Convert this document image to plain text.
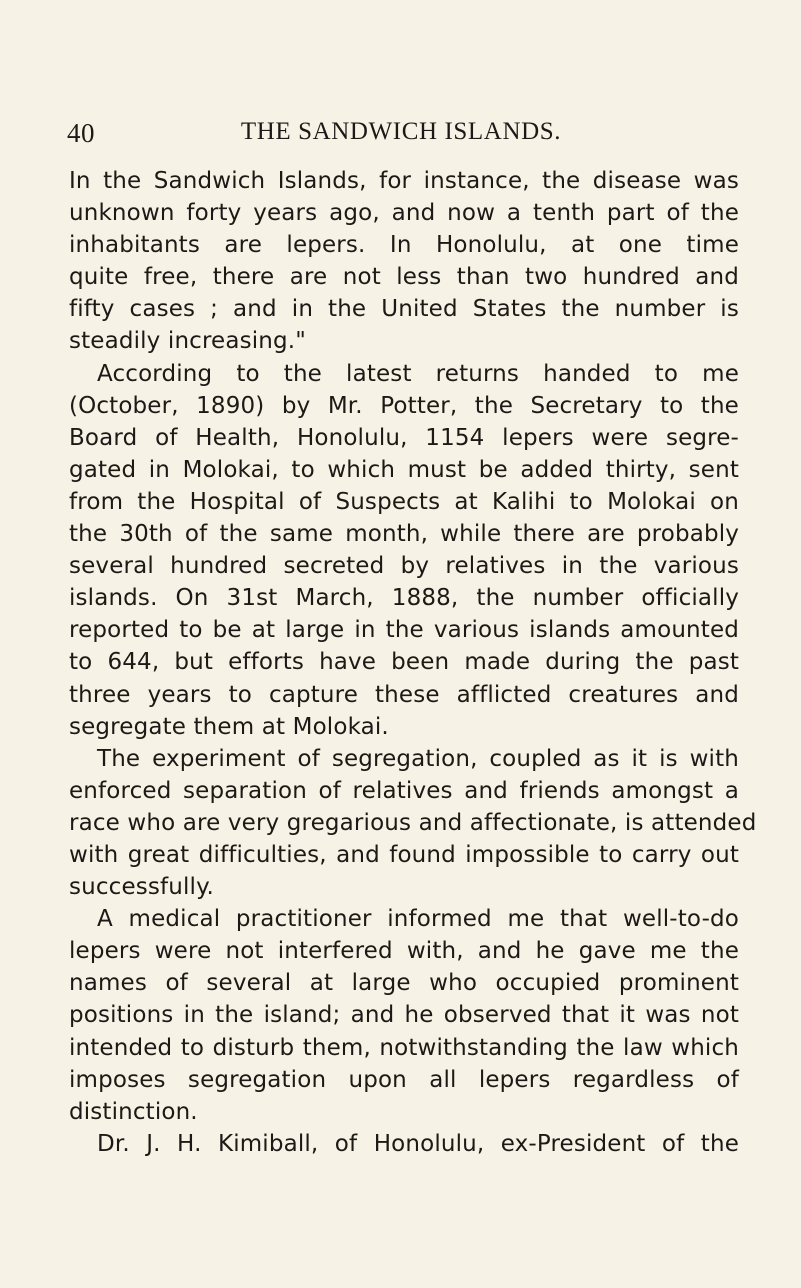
40	THE SANDWICH ISLANDS.
In the Sandwich Islands, for instance, the disease was
unknown forty years ago, and now a tenth part of the
inhabitants are lepers. In Honolulu, at one time
quite free, there are not less than two hundred and
fifty cases ; and in the United States the number is
steadily increasing."
According to the latest returns handed to me
(October, 1890) by Mr. Potter, the Secretary to the
Board of Health, Honolulu, 1154 lepers were segre-
gated in Molokai, to which must be added thirty, sent
from the Hospital of Suspects at Kalihi to Molokai on
the 30th of the same month, while there are probably
several hundred secreted by relatives in the various
islands. On 31st March, 1888, the number officially
reported to be at large in the various islands amounted
to 644, but efforts have been made during the past
three years to capture these afflicted creatures and
segregate them at Molokai.
The experiment of segregation, coupled as it is with
enforced separation of relatives and friends amongst a
race who are very gregarious and affectionate, is attended
with great difficulties, and found impossible to carry out
successfully.
A medical practitioner informed me that well-to-do
lepers were not interfered with, and he gave me the
names of several at large who occupied prominent
positions in the island; and he observed that it was not
intended to disturb them, notwithstanding the law which
imposes segregation upon all lepers regardless of
distinction.
Dr. J. H. Kimiball, of Honolulu, ex-President of the
